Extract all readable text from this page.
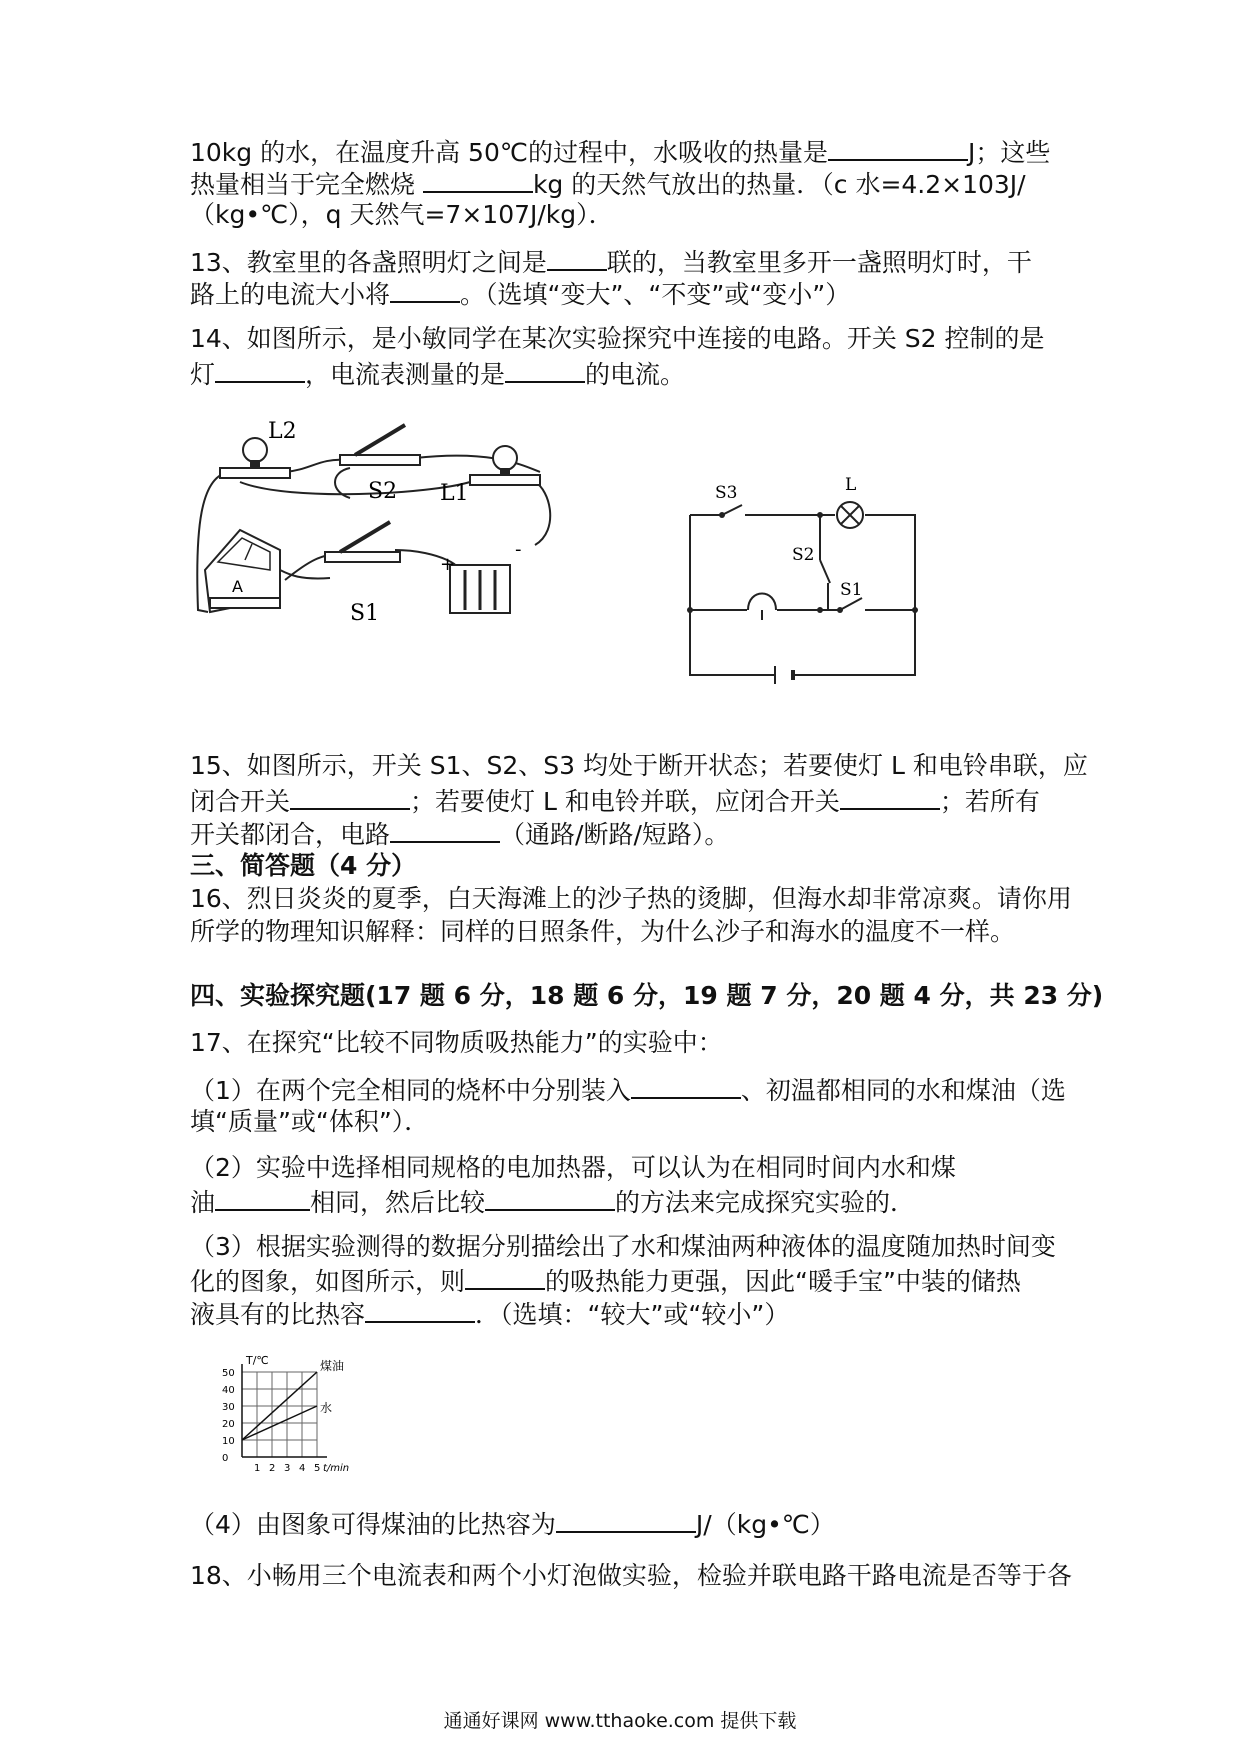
10kg 的水，在温度升高 50℃的过程中，水吸收的热量是	J；这些
热量相当于完全燃烧	kg 的天然气放出的热量．（c 水=4.2×103J/
（kg•℃），q 天然气=7×107J/kg）．
13、教室里的各盏照明灯之间是 联的，当教室里多开一盏照明灯时，干
路上的电流大小将	。（选填“变大”、“不变”或“变小”）
14、如图所示，是小敏同学在某次实验探究中连接的电路。开关 S2 控制的是
灯	，电流表测量的是	的电流。
L2
S2 L1
A
S1
+
-
S3
S2
S1
L
15、如图所示，开关 S1、S2、S3 均处于断开状态；若要使灯 L 和电铃串联，应
闭合开关	；若要使灯 L 和电铃并联，应闭合开关	；若所有
开关都闭合，电路	（通路/断路/短路）。
三、简答题（4 分）
16、烈日炎炎的夏季，白天海滩上的沙子热的烫脚，但海水却非常凉爽。请你用
所学的物理知识解释：同样的日照条件，为什么沙子和海水的温度不一样。
四、实验探究题(17 题 6 分，18 题 6 分，19 题 7 分，20 题 4 分，共 23 分)
17、在探究“比较不同物质吸热能力”的实验中：
（1）在两个完全相同的烧杯中分别装入	、初温都相同的水和煤油（选
填“质量”或“体积”）．
（2）实验中选择相同规格的电加热器，可以认为在相同时间内水和煤
油	相同，然后比较	的方法来完成探究实验的．
（3）根据实验测得的数据分别描绘出了水和煤油两种液体的温度随加热时间变
化的图象，如图所示，则	的吸热能力更强，因此“暖手宝”中装的储热
液具有的比热容	．（选填：“较大”或“较小”）
1 2 3 4 5
0
10
20
30
40
50
t/min
T/℃	煤油
水
（4）由图象可得煤油的比热容为	J/（kg•℃）
18、小畅用三个电流表和两个小灯泡做实验，检验并联电路干路电流是否等于各
通通好课网 www.tthaoke.com 提供下载
